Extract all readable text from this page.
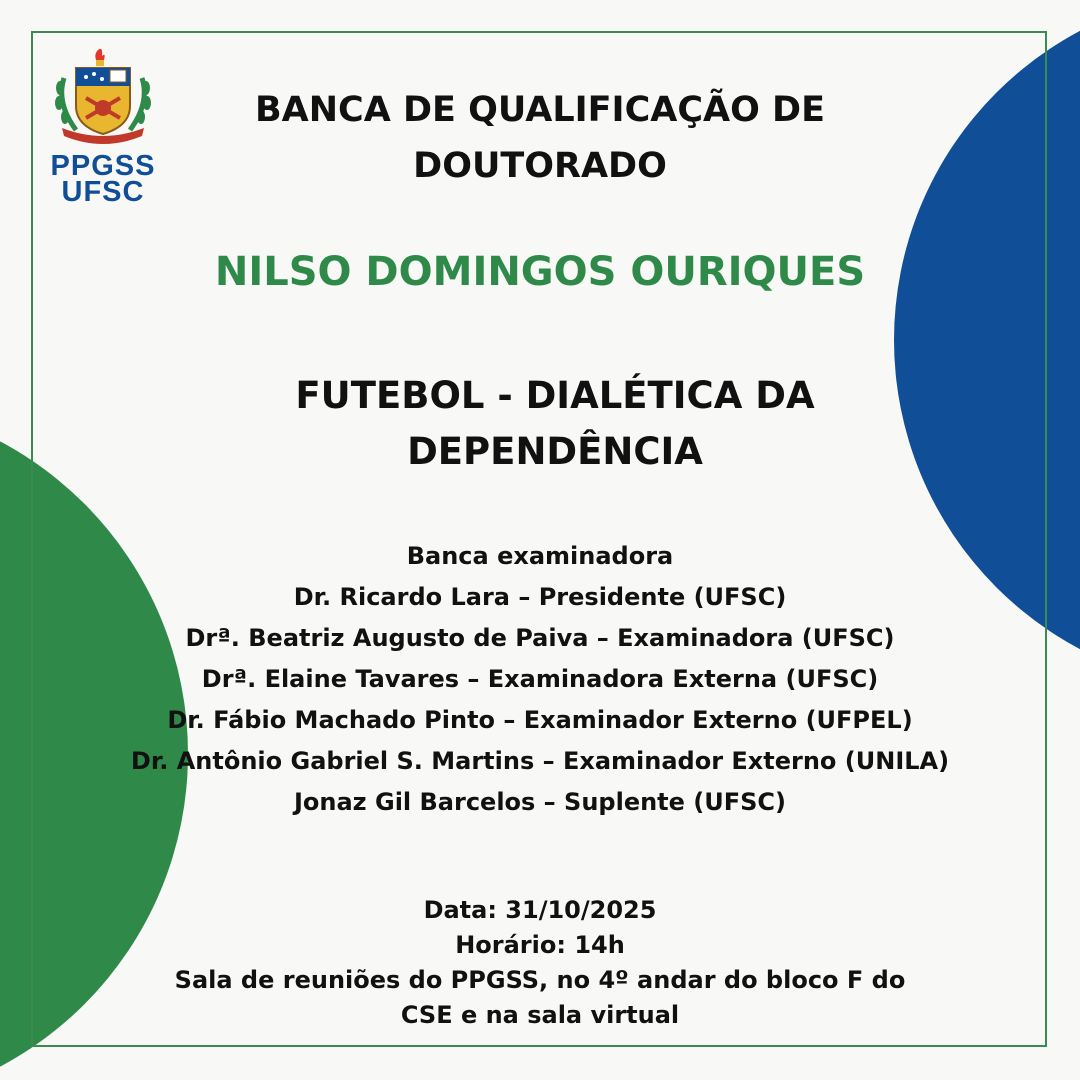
PPGSS
UFSC
BANCA DE QUALIFICAÇÃO DE
DOUTORADO
NILSO DOMINGOS OURIQUES
FUTEBOL - DIALÉTICA DA
DEPENDÊNCIA
Banca examinadora
Dr. Ricardo Lara – Presidente (UFSC)
Drª. Beatriz Augusto de Paiva – Examinadora (UFSC)
Drª. Elaine Tavares – Examinadora Externa (UFSC)
Dr. Fábio Machado Pinto – Examinador Externo (UFPEL)
Dr. Antônio Gabriel S. Martins – Examinador Externo (UNILA)
Jonaz Gil Barcelos – Suplente (UFSC)
Data: 31/10/2025
Horário: 14h
Sala de reuniões do PPGSS, no 4º andar do bloco F do
CSE e na sala virtual
